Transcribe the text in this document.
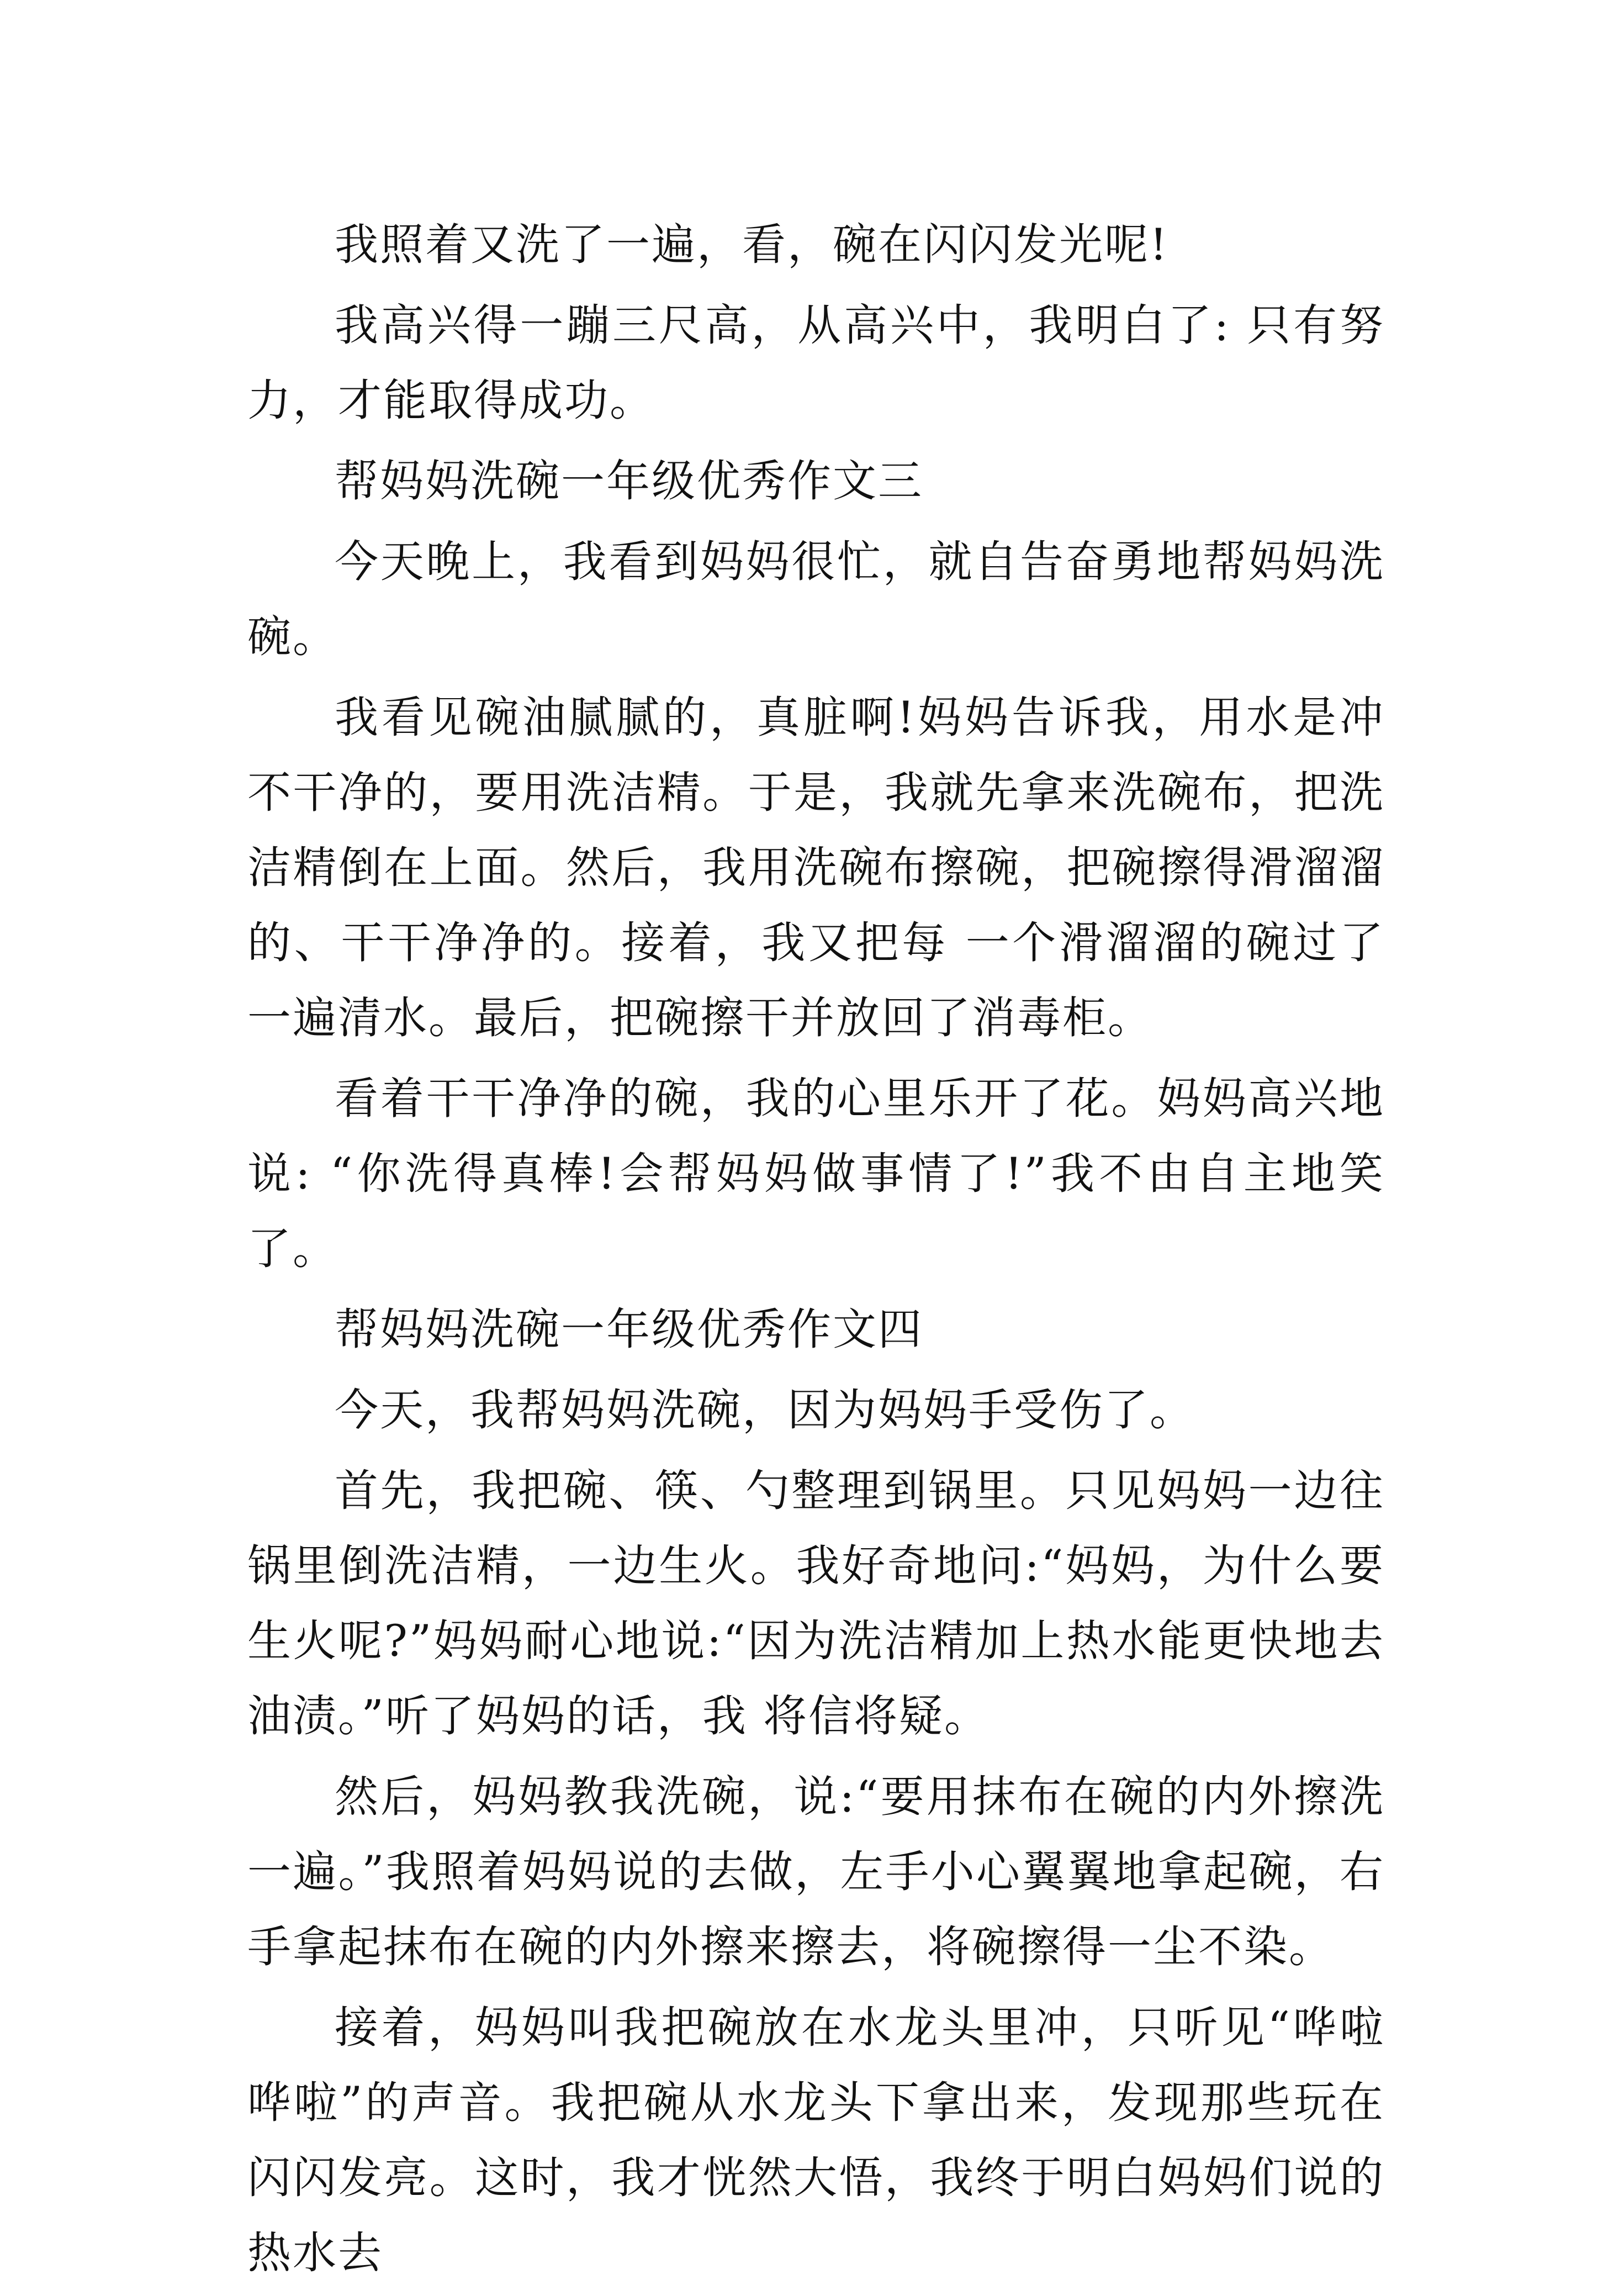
我照着又洗了一遍，看，碗在闪闪发光呢!

我高兴得一蹦三尺高，从高兴中，我明白了: 只有努力，才能取得成功。

帮妈妈洗碗一年级优秀作文三

今天晚上，我看到妈妈很忙，就自告奋勇地帮妈妈洗碗。

我看见碗油腻腻的，真脏啊!妈妈告诉我，用水是冲不干净的，要用洗洁精。于是，我就先拿来洗碗布，把洗洁精倒在上面。然后，我用洗碗布擦碗，把碗擦得滑溜溜的、干干净净的。接着，我又把每 一个滑溜溜的碗过了一遍清水。最后，把碗擦干并放回了消毒柜。

看着干干净净的碗，我的心里乐开了花。妈妈高兴地说: “你洗得真棒!会帮妈妈做事情了!”我不由自主地笑了。

帮妈妈洗碗一年级优秀作文四

今天，我帮妈妈洗碗，因为妈妈手受伤了。

首先，我把碗、筷、勺整理到锅里。只见妈妈一边往锅里倒洗洁精，一边生火。我好奇地问:“妈妈，为什么要生火呢?”妈妈耐心地说:“因为洗洁精加上热水能更快地去油渍。”听了妈妈的话，我 将信将疑。

然后，妈妈教我洗碗，说:“要用抹布在碗的内外擦洗一遍。”我照着妈妈说的去做，左手小心翼翼地拿起碗，右手拿起抹布在碗的内外擦来擦去，将碗擦得一尘不染。

接着，妈妈叫我把碗放在水龙头里冲，只听见“哗啦哗啦”的声音。我把碗从水龙头下拿出来，发现那些玩在闪闪发亮。这时，我才恍然大悟，我终于明白妈妈们说的热水去
